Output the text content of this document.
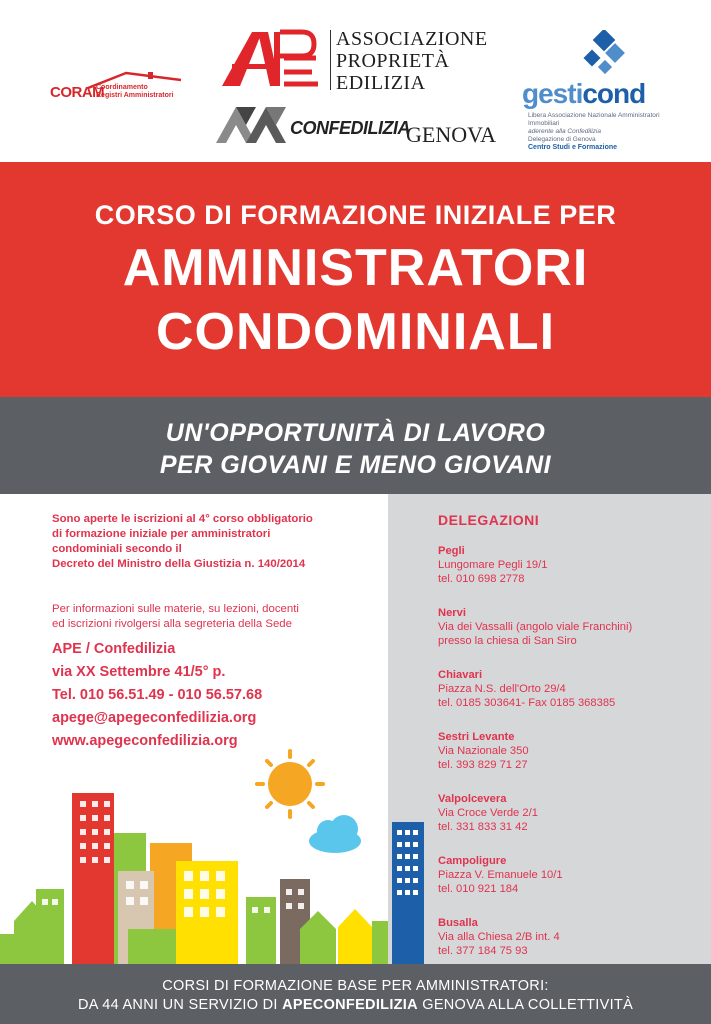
CORAM
Coordinamento
Registri Amministratori
ASSOCIAZIONE
PROPRIETÀ
EDILIZIA
CONFEDILIZIA
GENOVA
gesticond
Libera Associazione Nazionale Amministratori Immobiliari
aderente alla Confedilizia
Delegazione di Genova
Centro Studi e Formazione
CORSO DI FORMAZIONE INIZIALE PER
AMMINISTRATORI
CONDOMINIALI
UN'OPPORTUNITÀ DI LAVORO
PER GIOVANI E MENO GIOVANI
Sono aperte le iscrizioni al 4° corso obbligatorio
di formazione iniziale per amministratori
condominiali secondo il
Decreto del Ministro della Giustizia n. 140/2014
Per informazioni sulle materie, su lezioni, docenti
ed iscrizioni rivolgersi alla segreteria della Sede
APE / Confedilizia
via XX Settembre 41/5° p.
Tel. 010 56.51.49 - 010 56.57.68
apege@apegeconfedilizia.org
www.apegeconfedilizia.org
DELEGAZIONI
Pegli
Lungomare Pegli 19/1
tel. 010 698 2778
Nervi
Via dei Vassalli (angolo viale Franchini)
presso la chiesa di San Siro
Chiavari
Piazza N.S. dell'Orto 29/4
tel. 0185 303641- Fax 0185 368385
Sestri Levante
Via Nazionale 350
tel. 393 829 71 27
Valpolcevera
Via Croce Verde 2/1
tel. 331 833 31 42
Campoligure
Piazza V. Emanuele 10/1
tel. 010 921 184
Busalla
Via alla Chiesa 2/B int. 4
tel. 377 184 75 93
CORSI DI FORMAZIONE BASE PER AMMINISTRATORI:
DA 44 ANNI UN SERVIZIO DI APECONFEDILIZIA GENOVA ALLA COLLETTIVITÀ
